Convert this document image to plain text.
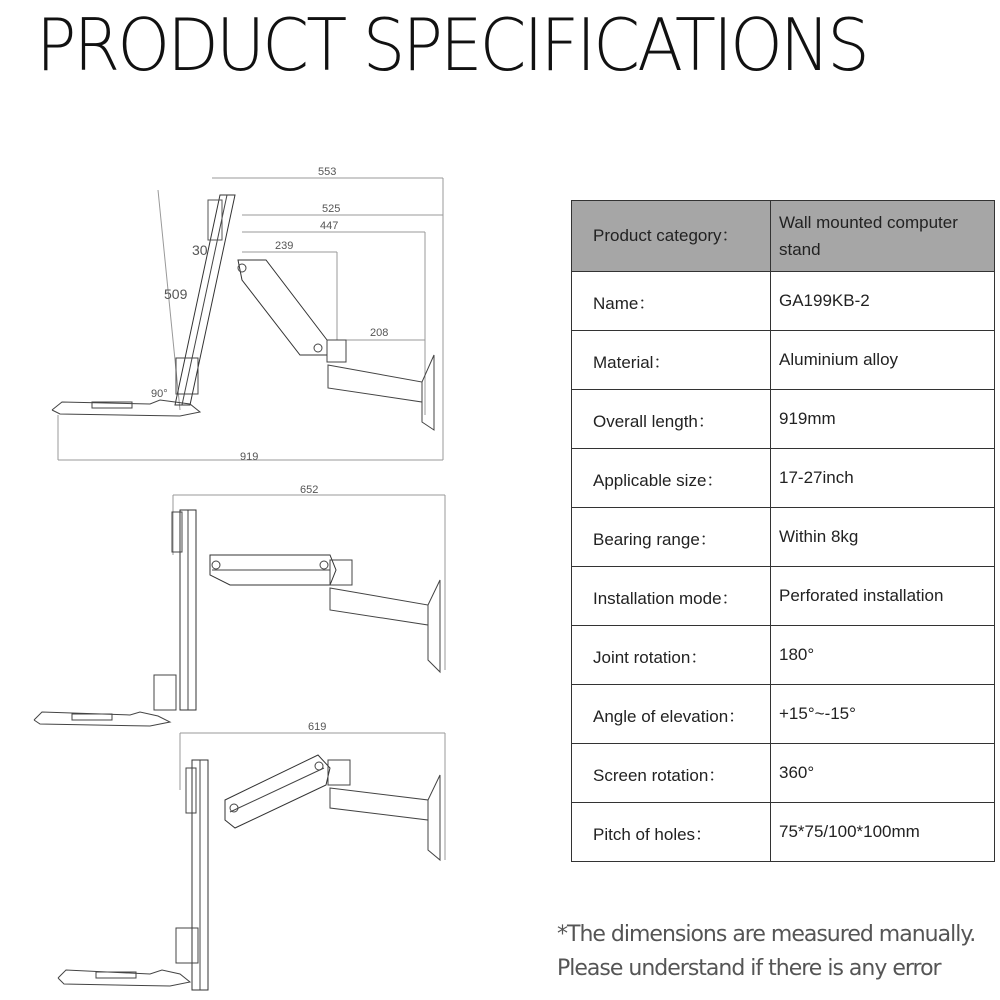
PRODUCT SPECIFICATIONS
553
525
447
239
208
919
509
30
90°
652
619
Product category：	Wall mounted computer stand
Name：	GA199KB-2
Material：	Aluminium alloy
Overall length：	919mm
Applicable size：	17-27inch
Bearing range：	Within 8kg
Installation mode：	Perforated installation
Joint rotation：	180°
Angle of elevation：	+15°~-15°
Screen rotation：	360°
Pitch of holes：	75*75/100*100mm
*The dimensions are measured manually.
Please understand if there is any error
